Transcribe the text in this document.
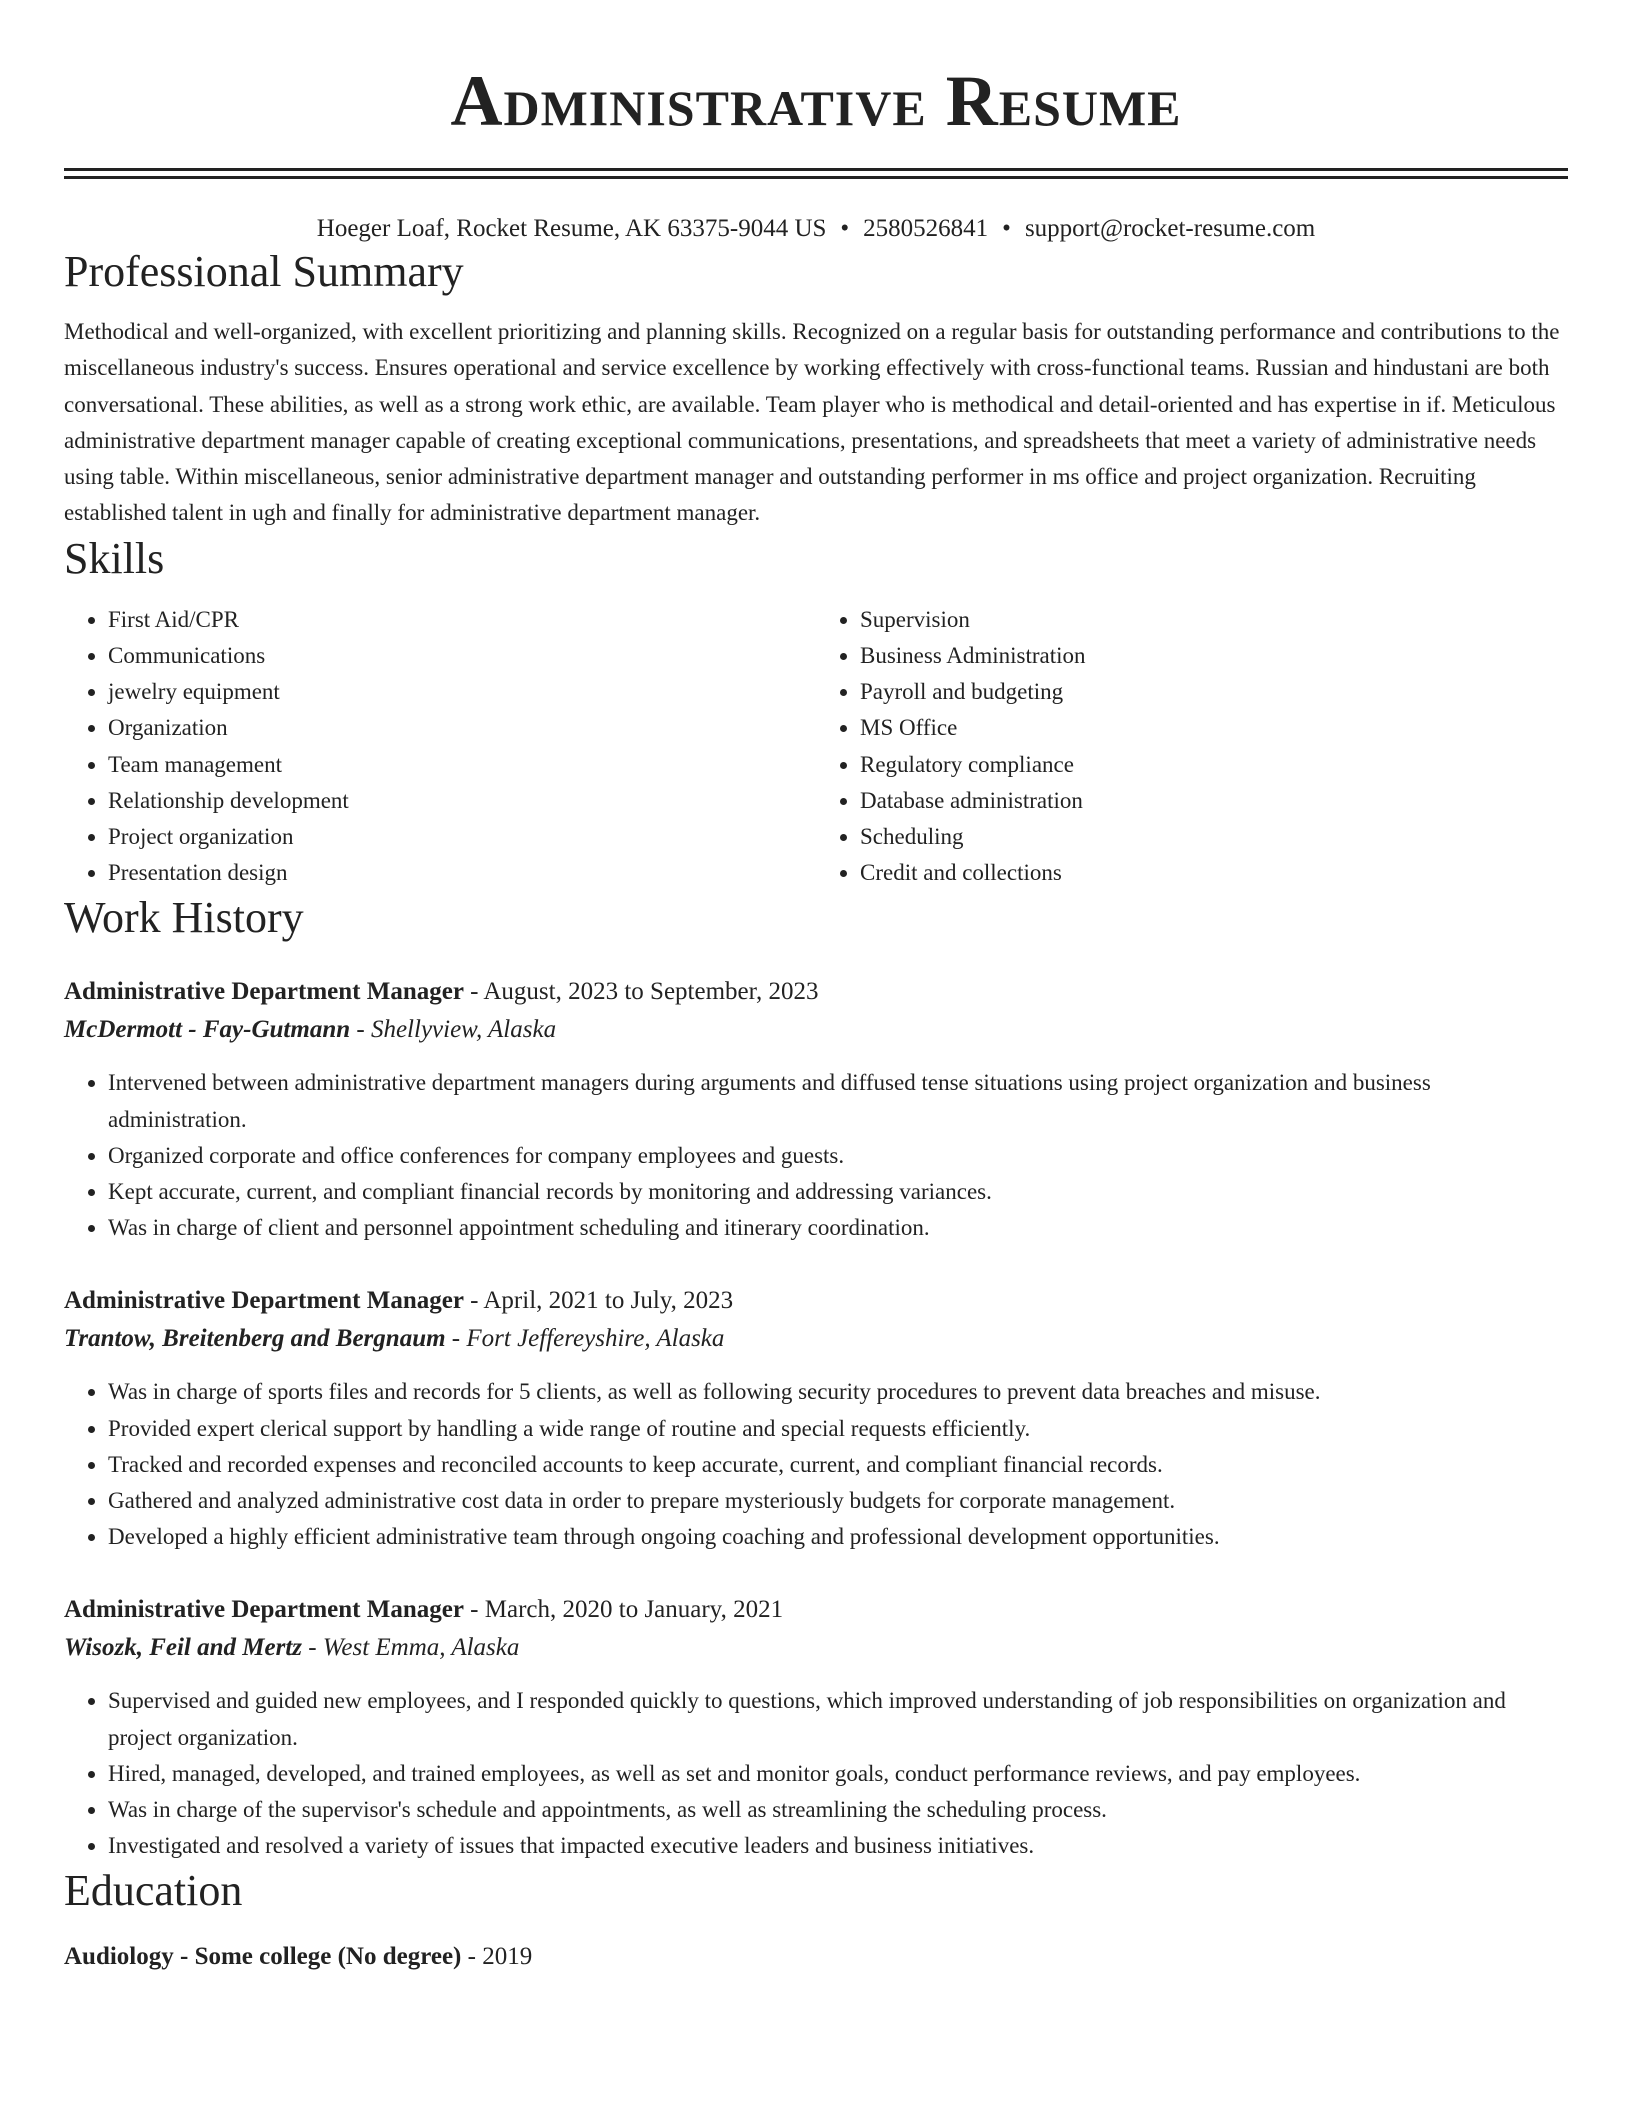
Administrative Resume
Hoeger Loaf, Rocket Resume, AK 63375-9044 US • 2580526841 • support@rocket-resume.com
Professional Summary

Methodical and well-organized, with excellent prioritizing and planning skills. Recognized on a regular basis for outstanding performance and contributions to the miscellaneous industry's success. Ensures operational and service excellence by working effectively with cross-functional teams. Russian and hindustani are both conversational. These abilities, as well as a strong work ethic, are available. Team player who is methodical and detail-oriented and has expertise in if. Meticulous administrative department manager capable of creating exceptional communications, presentations, and spreadsheets that meet a variety of administrative needs using table. Within miscellaneous, senior administrative department manager and outstanding performer in ms office and project organization. Recruiting established talent in ugh and finally for administrative department manager.

Skills
• First Aid/CPR
• Communications
• jewelry equipment
• Organization
• Team management
• Relationship development
• Project organization
• Presentation design
• Supervision
• Business Administration
• Payroll and budgeting
• MS Office
• Regulatory compliance
• Database administration
• Scheduling
• Credit and collections
Work History
Administrative Department Manager - August, 2023 to September, 2023
McDermott - Fay-Gutmann - Shellyview, Alaska
• Intervened between administrative department managers during arguments and diffused tense situations using project organization and business administration.
• Organized corporate and office conferences for company employees and guests.
• Kept accurate, current, and compliant financial records by monitoring and addressing variances.
• Was in charge of client and personnel appointment scheduling and itinerary coordination.
Administrative Department Manager - April, 2021 to July, 2023
Trantow, Breitenberg and Bergnaum - Fort Jeffereyshire, Alaska
• Was in charge of sports files and records for 5 clients, as well as following security procedures to prevent data breaches and misuse.
• Provided expert clerical support by handling a wide range of routine and special requests efficiently.
• Tracked and recorded expenses and reconciled accounts to keep accurate, current, and compliant financial records.
• Gathered and analyzed administrative cost data in order to prepare mysteriously budgets for corporate management.
• Developed a highly efficient administrative team through ongoing coaching and professional development opportunities.
Administrative Department Manager - March, 2020 to January, 2021
Wisozk, Feil and Mertz - West Emma, Alaska
• Supervised and guided new employees, and I responded quickly to questions, which improved understanding of job responsibilities on organization and project organization.
• Hired, managed, developed, and trained employees, as well as set and monitor goals, conduct performance reviews, and pay employees.
• Was in charge of the supervisor's schedule and appointments, as well as streamlining the scheduling process.
• Investigated and resolved a variety of issues that impacted executive leaders and business initiatives.
Education
Audiology - Some college (No degree) - 2019
